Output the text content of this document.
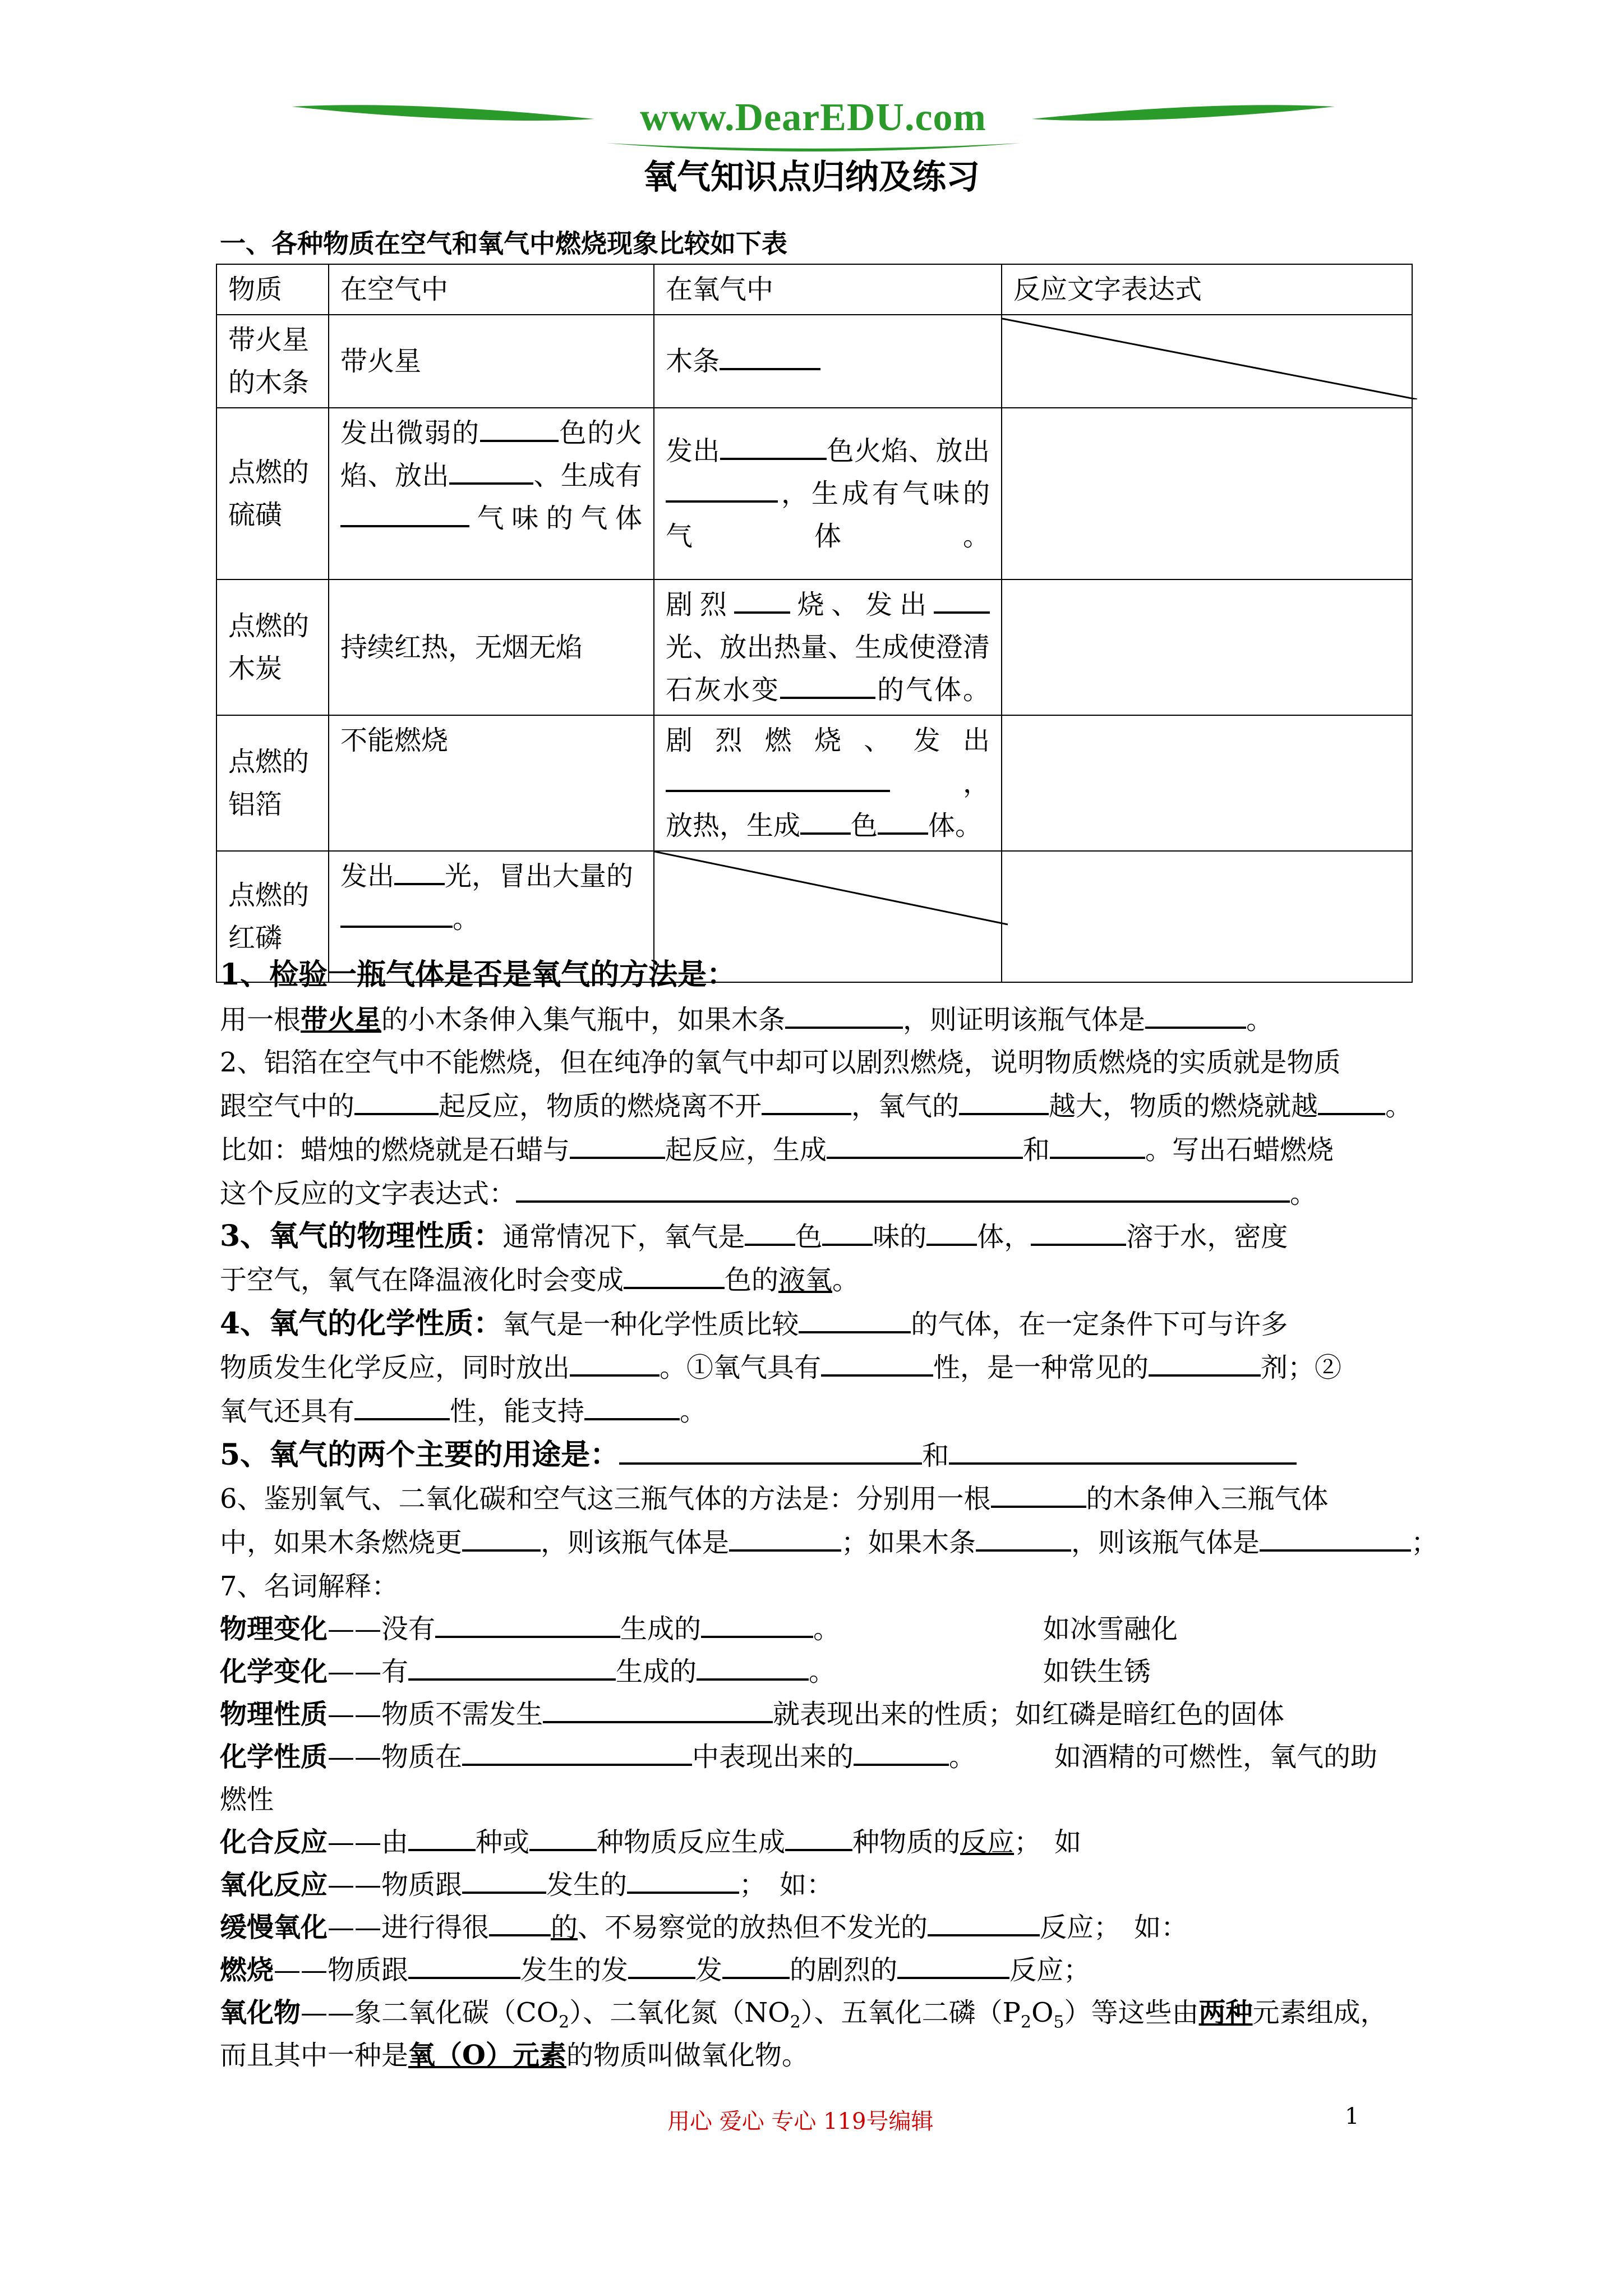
www.DearEDU.com
氧气知识点归纳及练习
一、各种物质在空气和氧气中燃烧现象比较如下表
物质	在空气中	在氧气中	反应文字表达式
带火星的木条	带火星	木条	

点燃的硫磺	发出微弱的 色的火焰、放出 、生成有气味的气体	发出 色火焰、放出，生成有气味的气体。	
点燃的木炭	持续红热，无烟无焰	剧烈 烧、发出光、放出热量、生成使澄清石灰水变 的气体。	
点燃的铝箔	不能燃烧	剧烈燃烧、发出，
放热，生成 色 体。	

点燃的红磷	发出 光，冒出大量的
。	

1、检验一瓶气体是否是氧气的方法是：
用一根带火星的小木条伸入集气瓶中，如果木条	，则证明该瓶气体是	。
2、铝箔在空气中不能燃烧，但在纯净的氧气中却可以剧烈燃烧，说明物质燃烧的实质就是物质
跟空气中的	起反应，物质的燃烧离不开	，氧气的	越大，物质的燃烧就越	。
比如：蜡烛的燃烧就是石蜡与	起反应，生成	和	。写出石蜡燃烧
这个反应的文字表达式：	。
3、氧气的物理性质：通常情况下，氧气是 色 味的 体，	溶于水，密度
于空气，氧气在降温液化时会变成	色的液氧。
4、氧气的化学性质：氧气是一种化学性质比较	的气体，在一定条件下可与许多
物质发生化学反应，同时放出	。①氧气具有	性，是一种常见的	剂；②
氧气还具有	性，能支持	。
5、氧气的两个主要的用途是：	和
6、鉴别氧气、二氧化碳和空气这三瓶气体的方法是：分别用一根	的木条伸入三瓶气体
中，如果木条燃烧更	，则该瓶气体是	；如果木条	，则该瓶气体是	；
7、名词解释：
物理变化——没有	生成的	。	如冰雪融化
化学变化——有	生成的	。	如铁生锈
物理性质——物质不需发生	就表现出来的性质；如红磷是暗红色的固体
化学性质——物质在	中表现出来的	。	如酒精的可燃性，氧气的助
燃性
化合反应——由	种或	种物质反应生成	种物质的反应；　如
氧化反应——物质跟	发生的	；　如：
缓慢氧化——进行得很 的、不易察觉的放热但不发光的	反应；　如：
燃烧——物质跟	发生的发	发	的剧烈的	反应；
氧化物——象二氧化碳$(CO_2)$、二氧化氮$(NO_2)$、五氧化二磷$(P_2O_5)$等这些由两种元素组成，
而且其中一种是氧（O）元素的物质叫做氧化物。
用心 爱心 专心 119号编辑	1
